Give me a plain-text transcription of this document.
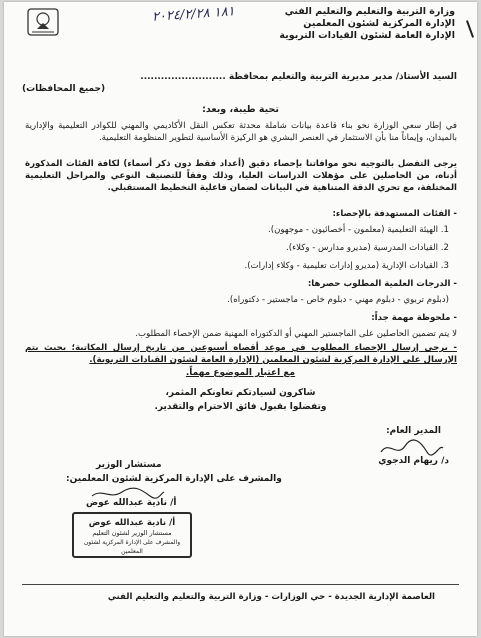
١٨١ ٢٠٢٤/٢/٢٨	وزارة التربية والتعليم والتعليم الفني
الإدارة المركزية لشئون المعلمين
الإدارة العامة لشئون القيادات التربوية
السيد الأستاذ/ مدير مديرية التربية والتعليم بمحافظة .........................
(جميع المحافظات)
تحية طيبة، وبعد:
في إطار سعي الوزارة نحو بناء قاعدة بيانات شاملة محدثة تعكس النقل الأكاديمي والمهني للكوادر التعليمية والإدارية بالميدان، وإيماناً منا بأن الاستثمار في العنصر البشري هو الركيزة الأساسية لتطوير المنظومة التعليمية.
يرجى التفضل بالتوجيه نحو موافاتنا بإحصاء دقيق (أعداد فقط دون ذكر أسماء) لكافة الفئات المذكورة أدناه، من الحاصلين على مؤهلات الدراسات العليا، وذلك وفقاً للتصنيف النوعي والمراحل التعليمية المختلفة، مع تحري الدقة المتناهية في البيانات لضمان فاعلية التخطيط المستقبلي.
- الفئات المستهدفة بالإحصاء:
1. الهيئة التعليمية (معلمون - أخصائيون - موجهون).
2. القيادات المدرسية (مديرو مدارس - وكلاء).
3. القيادات الإدارية (مديرو إدارات تعليمية - وكلاء إدارات).
- الدرجات العلمية المطلوب حصرها:
(دبلوم تربوي - دبلوم مهني - دبلوم خاص - ماجستير - دكتوراه).
- ملحوظة مهمة جداً:
لا يتم تضمين الحاصلين على الماجستير المهني أو الدكتوراه المهنية ضمن الإحصاء المطلوب.
- يرجى إرسال الإحصاء المطلوب في موعد أقصاه أسبوعين من تاريخ إرسال المكاتبة؛ بحيث يتم الإرسال على الإدارة المركزية لشئون المعلمين (الإدارة العامة لشئون القيادات التربوية).
مع اعتبار الموضوع مهماً.
شاكرون لسيادتكم تعاونكم المثمر،
وتفضلوا بقبول فائق الاحترام والتقدير.
المدير العام:
د/ ريهام الدجوي
مستشار الوزير
والمشرف على الإدارة المركزية لشئون المعلمين:
أ/ نادية عبدالله عوض
أ/ نادية عبدالله عوض
مستشار الوزير لشئون التعليم
والمشرف على الإدارة المركزية لشئون المعلمين
العاصمة الإدارية الجديدة - حي الوزارات - وزارة التربية والتعليم والتعليم الفني
